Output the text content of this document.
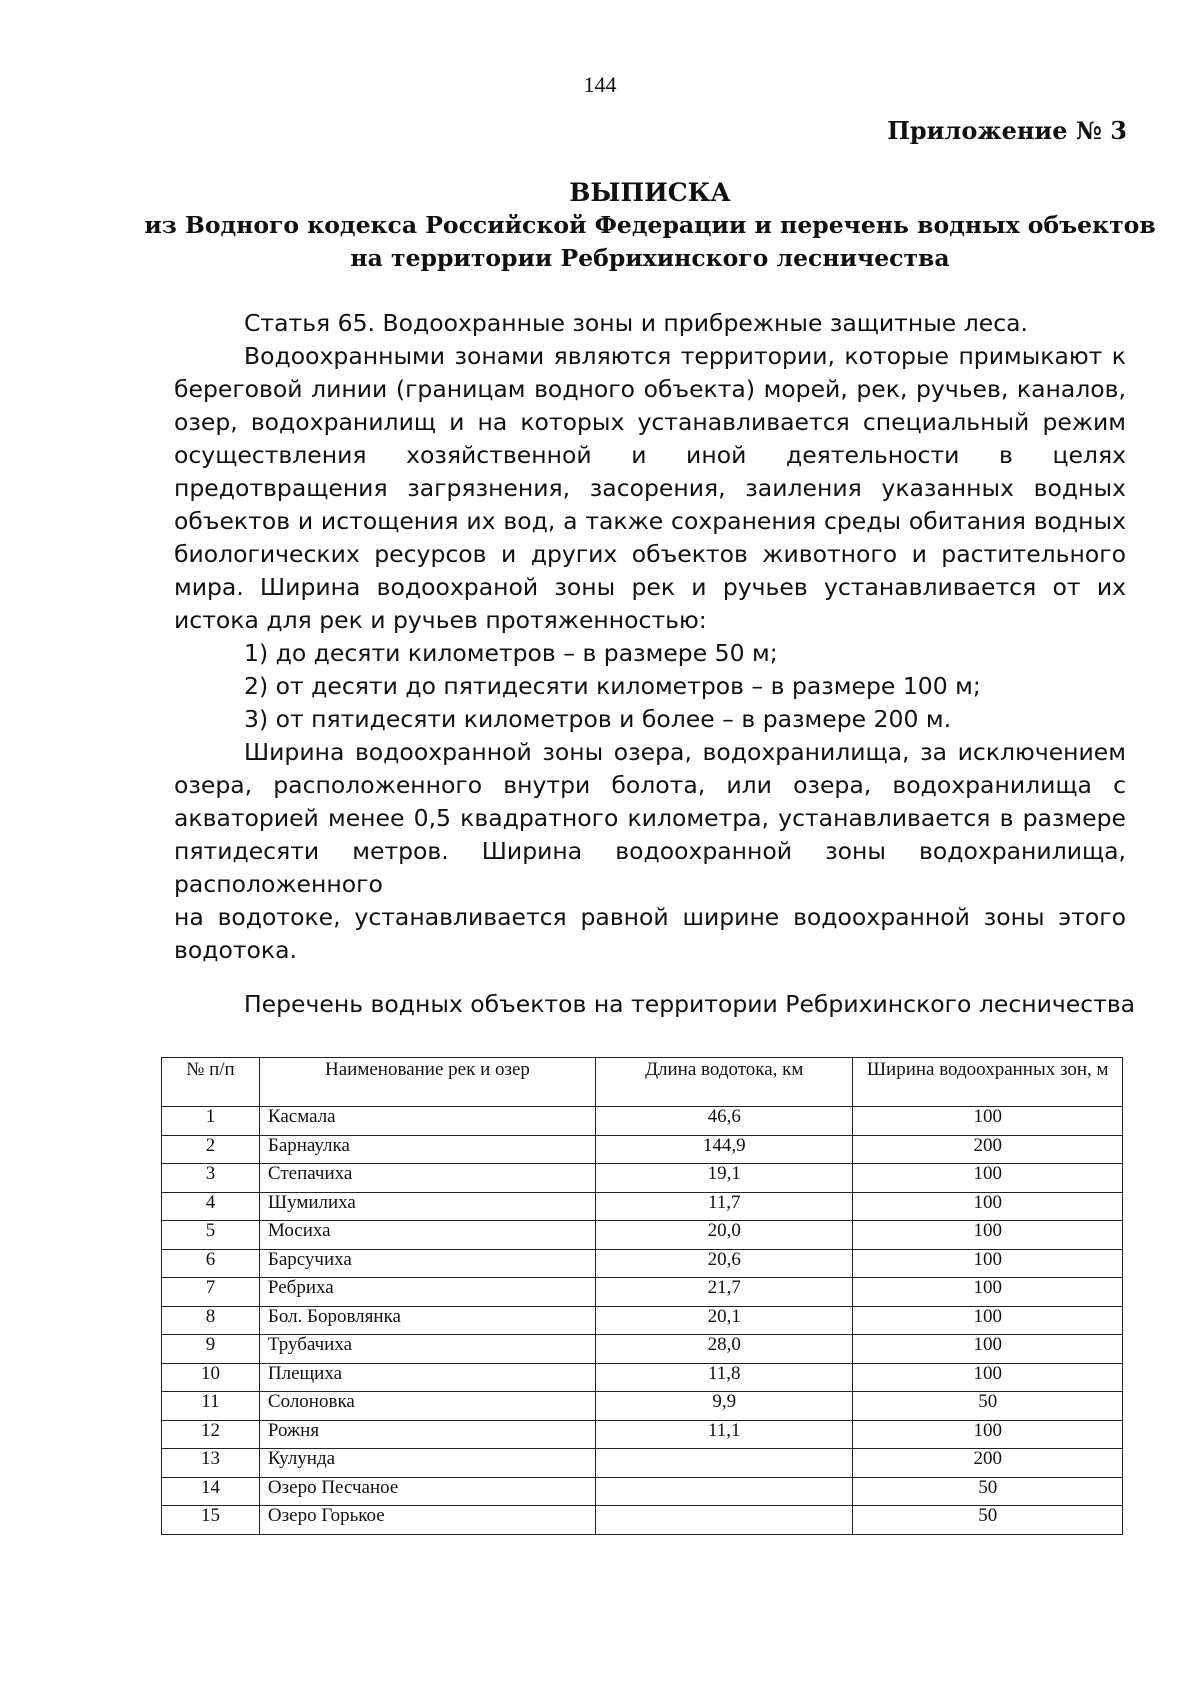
144
Приложение № 3
ВЫПИСКА
из Водного кодекса Российской Федерации и перечень водных объектов
на территории Ребрихинского лесничества

Статья 65. Водоохранные зоны и прибрежные защитные леса.

Водоохранными зонами являются территории, которые примыкают к береговой линии (границам водного объекта) морей, рек, ручьев, каналов, озер, водохранилищ и на которых устанавливается специальный режим осуществления хозяйственной и иной деятельности в целях предотвращения загрязнения, засорения, заиления указанных водных объектов и истощения их вод, а также сохранения среды обитания водных биологических ресурсов и других объектов животного и растительного мира. Ширина водоохраной зоны рек и ручьев устанавливается от их истока для рек и ручьев протяженностью:

1) до десяти километров – в размере 50 м;

2) от десяти до пятидесяти километров – в размере 100 м;

3) от пятидесяти километров и более – в размере 200 м.

Ширина водоохранной зоны озера, водохранилища, за исключением озера, расположенного внутри болота, или озера, водохранилища с акваторией менее 0,5 квадратного километра, устанавливается в размере пятидесяти метров. Ширина водоохранной зоны водохранилища, расположенного

на водотоке, устанавливается равной ширине водоохранной зоны этого водотока.

Перечень водных объектов на территории Ребрихинского лесничества
№ п/п	Наименование рек и озер	Длина водотока, км	Ширина водоохранных зон, м
1	Касмала	46,6	100
2	Барнаулка	144,9	200
3	Степачиха	19,1	100
4	Шумилиха	11,7	100
5	Мосиха	20,0	100
6	Барсучиха	20,6	100
7	Ребриха	21,7	100
8	Бол. Боровлянка	20,1	100
9	Трубачиха	28,0	100
10	Плещиха	11,8	100
11	Солоновка	9,9	50
12	Рожня	11,1	100
13	Кулунда		200
14	Озеро Песчаное		50
15	Озеро Горькое		50
